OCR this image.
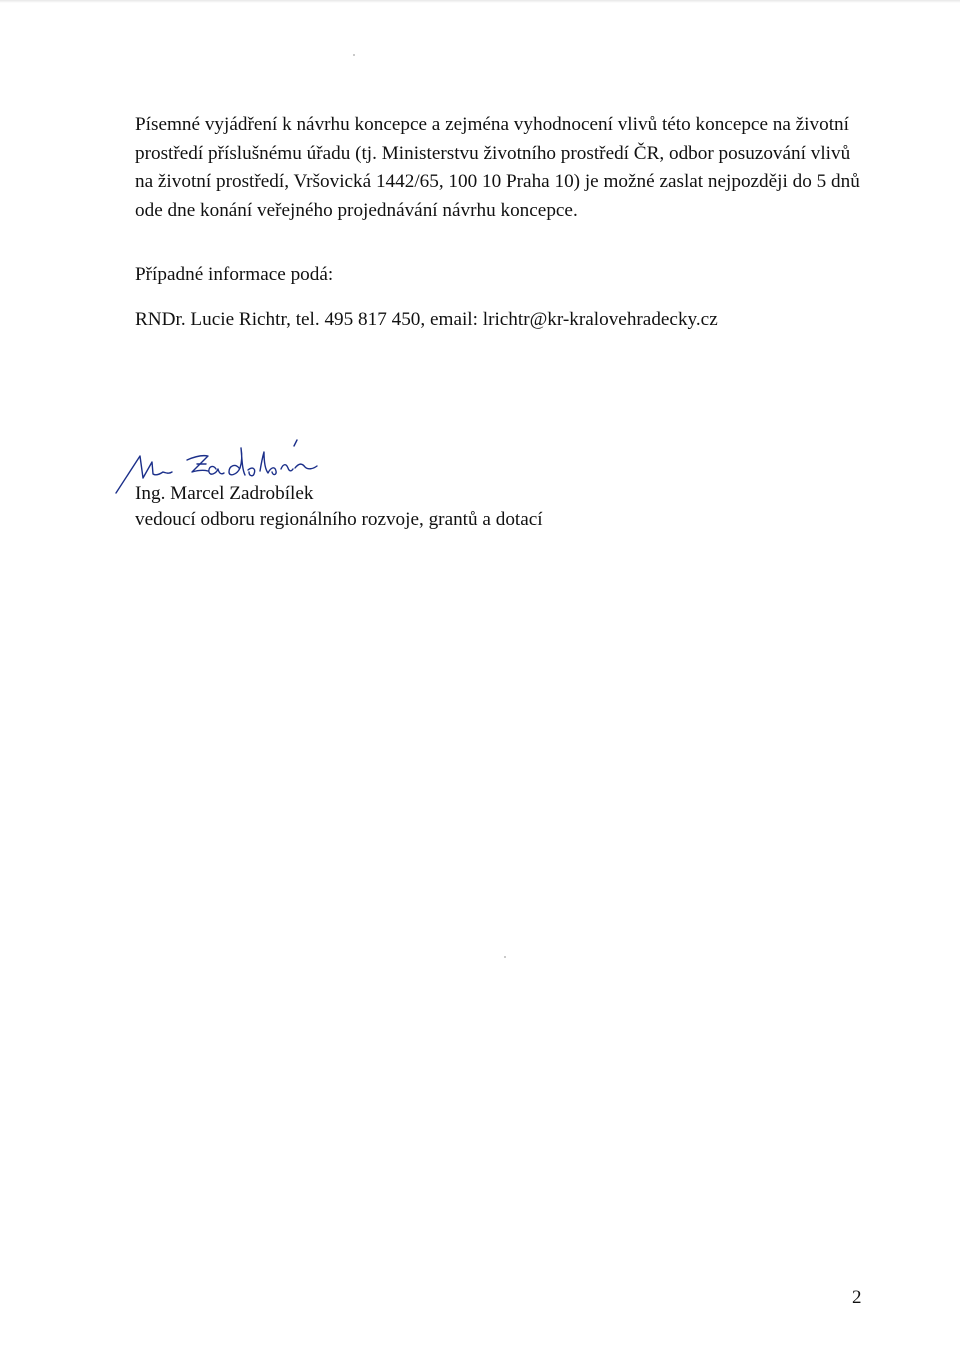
Písemné vyjádření k návrhu koncepce a zejména vyhodnocení vlivů této koncepce na životní
prostředí příslušnému úřadu (tj. Ministerstvu životního prostředí ČR, odbor posuzování vlivů
na životní prostředí, Vršovická 1442/65, 100 10 Praha 10) je možné zaslat nejpozději do 5 dnů
ode dne konání veřejného projednávání návrhu koncepce.

Případné informace podá:

RNDr. Lucie Richtr, tel. 495 817 450, email: lrichtr@kr-kralovehradecky.cz

Ing. Marcel Zadrobílek

vedoucí odboru regionálního rozvoje, grantů a dotací

2
